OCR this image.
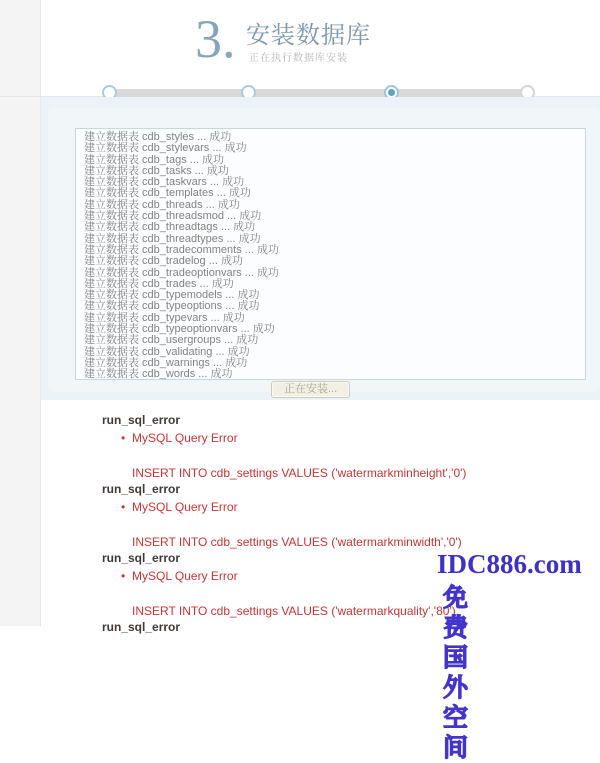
3. 安装数据库
正在执行数据库安装
建立数据表 cdb_styles ... 成功
建立数据表 cdb_stylevars ... 成功
建立数据表 cdb_tags ... 成功
建立数据表 cdb_tasks ... 成功
建立数据表 cdb_taskvars ... 成功
建立数据表 cdb_templates ... 成功
建立数据表 cdb_threads ... 成功
建立数据表 cdb_threadsmod ... 成功
建立数据表 cdb_threadtags ... 成功
建立数据表 cdb_threadtypes ... 成功
建立数据表 cdb_tradecomments ... 成功
建立数据表 cdb_tradelog ... 成功
建立数据表 cdb_tradeoptionvars ... 成功
建立数据表 cdb_trades ... 成功
建立数据表 cdb_typemodels ... 成功
建立数据表 cdb_typeoptions ... 成功
建立数据表 cdb_typevars ... 成功
建立数据表 cdb_typeoptionvars ... 成功
建立数据表 cdb_usergroups ... 成功
建立数据表 cdb_validating ... 成功
建立数据表 cdb_warnings ... 成功
建立数据表 cdb_words ... 成功
正在安装...
run_sql_error
• MySQL Query Error
INSERT INTO cdb_settings VALUES ('watermarkminheight','0')
run_sql_error
• MySQL Query Error
INSERT INTO cdb_settings VALUES ('watermarkminwidth','0')
run_sql_error
• MySQL Query Error
INSERT INTO cdb_settings VALUES ('watermarkquality','80')
run_sql_error
IDC886.com
免费国外空间
